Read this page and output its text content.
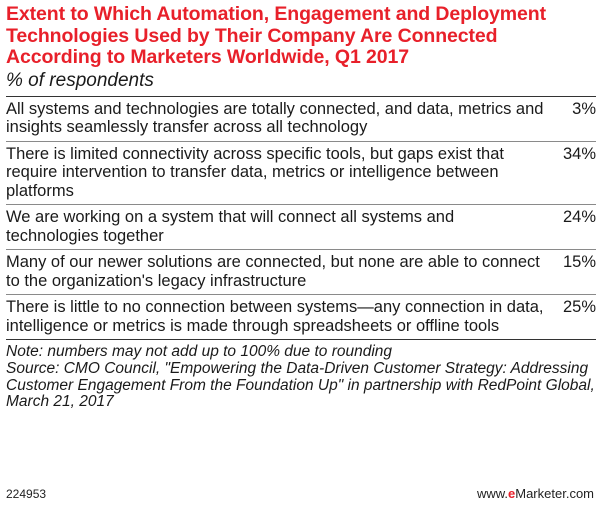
Extent to Which Automation, Engagement and Deployment Technologies Used by Their Company Are Connected According to Marketers Worldwide, Q1 2017
% of respondents
All systems and technologies are totally connected, and data, metrics and insights seamlessly transfer across all technology
3%
There is limited connectivity across specific tools, but gaps exist that require intervention to transfer data, metrics or intelligence between platforms
34%
We are working on a system that will connect all systems and technologies together
24%
Many of our newer solutions are connected, but none are able to connect to the organization's legacy infrastructure
15%
There is little to no connection between systems—any connection in data, intelligence or metrics is made through spreadsheets or offline tools
25%
Note: numbers may not add up to 100% due to rounding
Source: CMO Council, "Empowering the Data-Driven Customer Strategy: Addressing Customer Engagement From the Foundation Up" in partnership with RedPoint Global, March 21, 2017
224953	www.eMarketer.com
